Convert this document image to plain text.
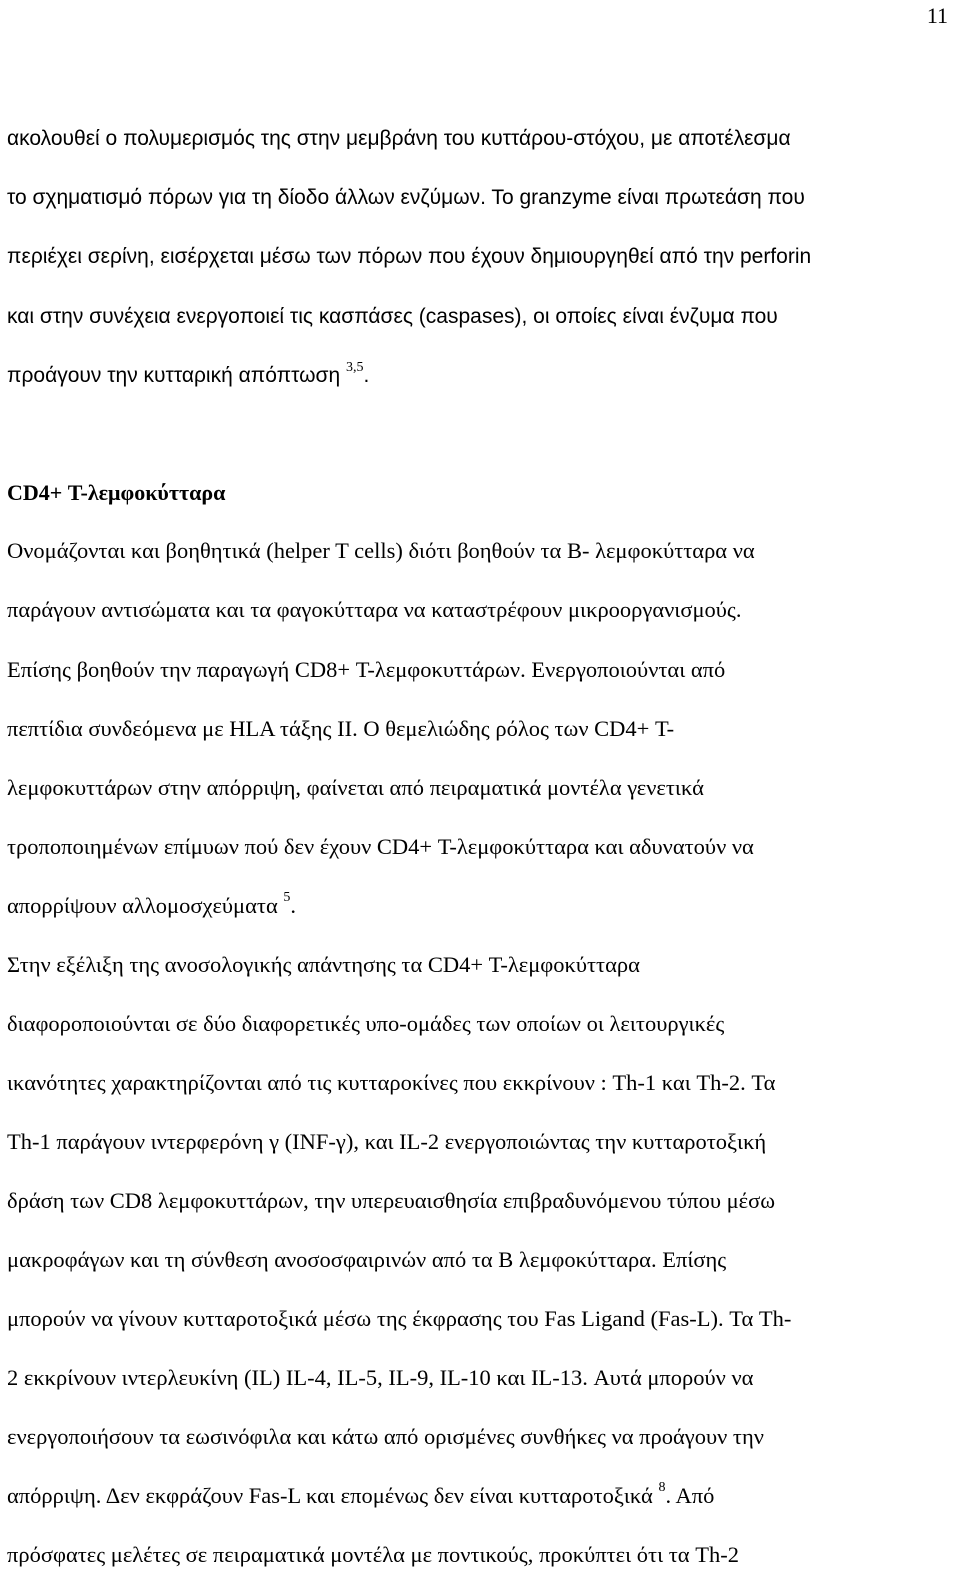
11
ακολουθεί ο πολυμερισμός της στην μεμβράνη του κυττάρου-στόχου, με αποτέλεσμα
το σχηματισμό πόρων για τη δίοδο άλλων ενζύμων. Το granzyme είναι πρωτεάση που
περιέχει σερίνη, εισέρχεται μέσω των πόρων που έχουν δημιουργηθεί από την perforin
και στην συνέχεια ενεργοποιεί τις κασπάσες (caspases), οι οποίες είναι ένζυμα που
προάγουν την κυτταρική απόπτωση $^{3,5}$.
CD4+ Τ-λεμφοκύτταρα
Ονομάζονται και βοηθητικά (helper T cells) διότι βοηθούν τα Β- λεμφοκύτταρα να
παράγουν αντισώματα και τα φαγοκύτταρα να καταστρέφουν μικροοργανισμούς.
Επίσης βοηθούν την παραγωγή CD8+ Τ-λεμφοκυττάρων. Ενεργοποιούνται από
πεπτίδια συνδεόμενα με HLA τάξης ΙΙ. Ο θεμελιώδης ρόλος των CD4+ Τ-
λεμφοκυττάρων στην απόρριψη, φαίνεται από πειραματικά μοντέλα γενετικά
τροποποιημένων επίμυων πού δεν έχουν CD4+ Τ-λεμφοκύτταρα και αδυνατούν να
απορρίψουν αλλομοσχεύματα $^5$.
Στην εξέλιξη της ανοσολογικής απάντησης τα CD4+ Τ-λεμφοκύτταρα
διαφοροποιούνται σε δύο διαφορετικές υπο-ομάδες των οποίων οι λειτουργικές
ικανότητες χαρακτηρίζονται από τις κυτταροκίνες που εκκρίνουν : Th-1 και Th-2. Τα
Th-1 παράγουν ιντερφερόνη γ (INF-γ), και IL-2 ενεργοποιώντας την κυτταροτοξική
δράση των CD8 λεμφοκυττάρων, την υπερευαισθησία επιβραδυνόμενου τύπου μέσω
μακροφάγων και τη σύνθεση ανοσοσφαιρινών από τα Β λεμφοκύτταρα. Επίσης
μπορούν να γίνουν κυτταροτοξικά μέσω της έκφρασης του Fas Ligand (Fas-L). Τα Th-
2 εκκρίνουν ιντερλευκίνη (IL) IL-4, IL-5, IL-9, IL-10 και IL-13. Αυτά μπορούν να
ενεργοποιήσουν τα εωσινόφιλα και κάτω από ορισμένες συνθήκες να προάγουν την
απόρριψη. Δεν εκφράζουν Fas-L και επομένως δεν είναι κυτταροτοξικά $^8$. Από
πρόσφατες μελέτες σε πειραματικά μοντέλα με ποντικούς, προκύπτει ότι τα Th-2
